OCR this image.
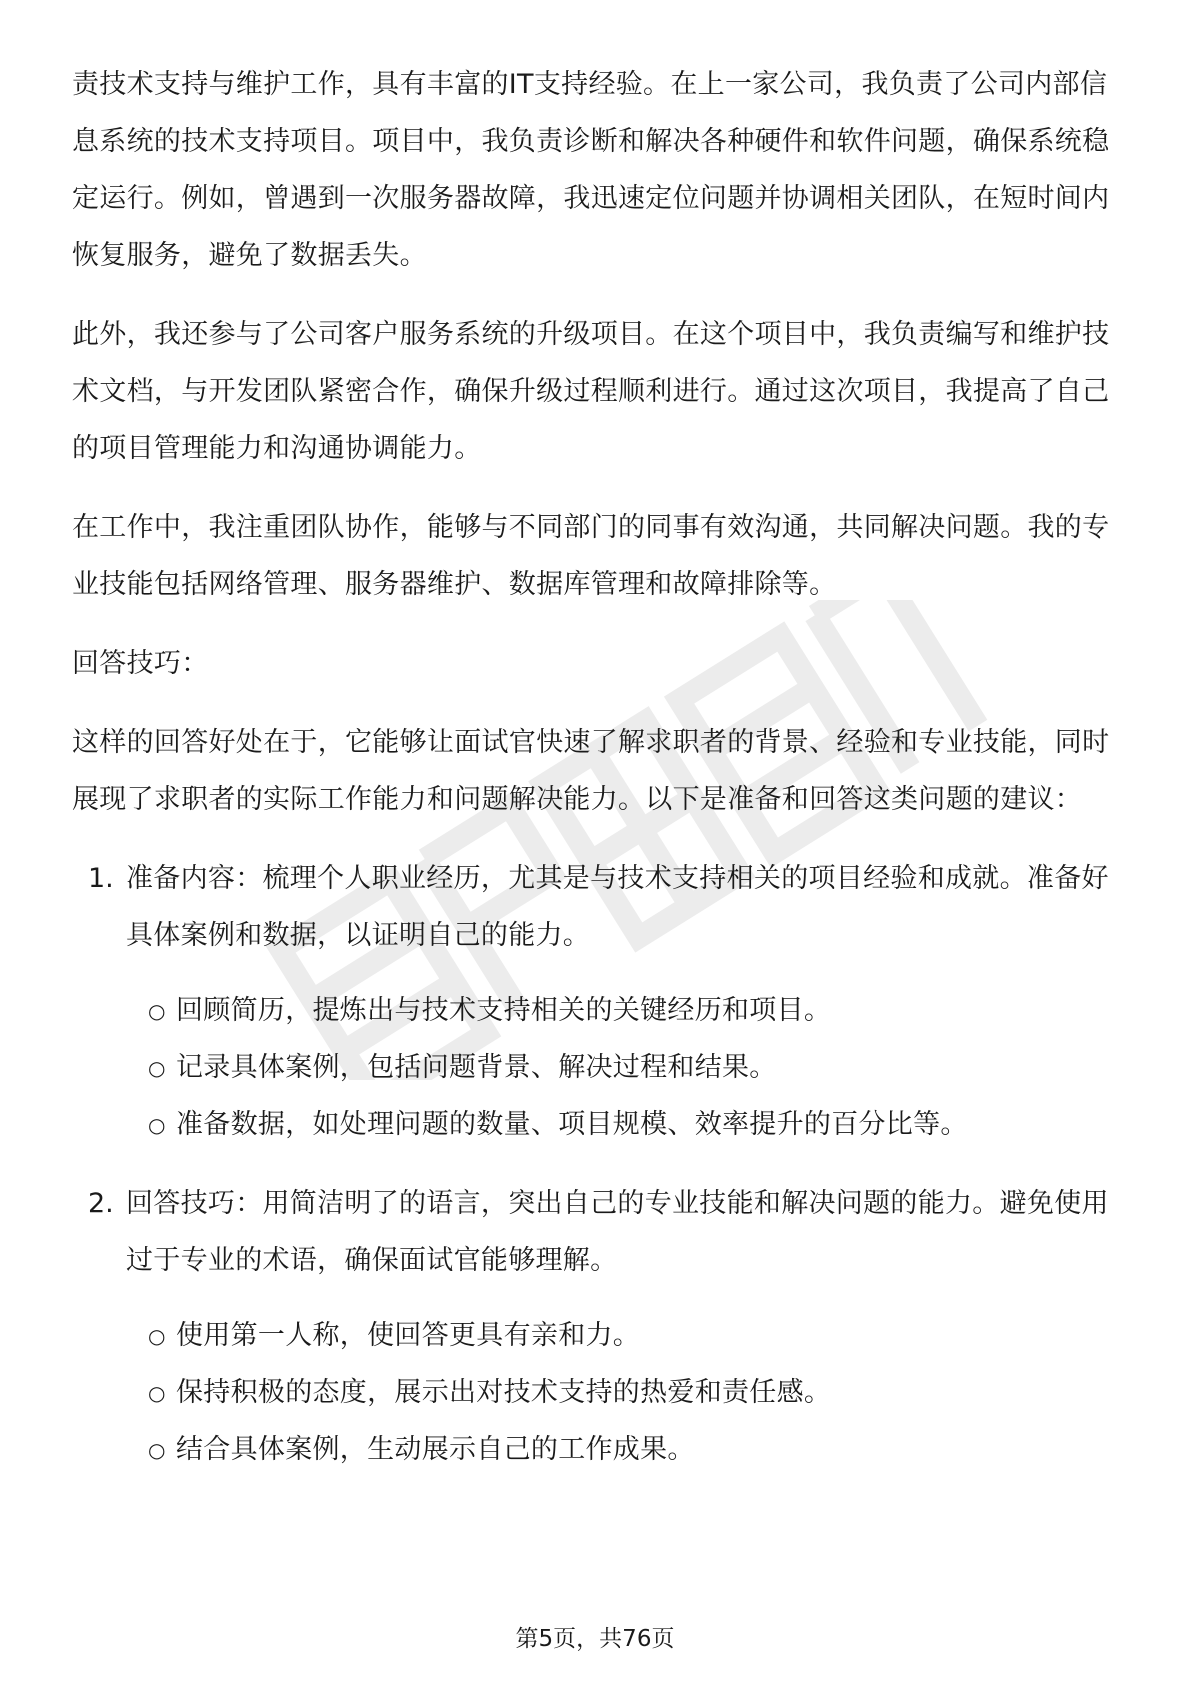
责技术支持与维护工作，具有丰富的IT支持经验。在上一家公司，我负责了公司内部信息系统的技术支持项目。项目中，我负责诊断和解决各种硬件和软件问题，确保系统稳定运行。例如，曾遇到一次服务器故障，我迅速定位问题并协调相关团队，在短时间内恢复服务，避免了数据丢失。

此外，我还参与了公司客户服务系统的升级项目。在这个项目中，我负责编写和维护技术文档，与开发团队紧密合作，确保升级过程顺利进行。通过这次项目，我提高了自己的项目管理能力和沟通协调能力。

在工作中，我注重团队协作，能够与不同部门的同事有效沟通，共同解决问题。我的专业技能包括网络管理、服务器维护、数据库管理和故障排除等。

回答技巧：

这样的回答好处在于，它能够让面试官快速了解求职者的背景、经验和专业技能，同时展现了求职者的实际工作能力和问题解决能力。以下是准备和回答这类问题的建议：

1. 准备内容：梳理个人职业经历，尤其是与技术支持相关的项目经验和成就。准备好具体案例和数据，以证明自己的能力。

○ 回顾简历，提炼出与技术支持相关的关键经历和项目。
○ 记录具体案例，包括问题背景、解决过程和结果。
○ 准备数据，如处理问题的数量、项目规模、效率提升的百分比等。
2. 回答技巧：用简洁明了的语言，突出自己的专业技能和解决问题的能力。避免使用过于专业的术语，确保面试官能够理解。

○ 使用第一人称，使回答更具有亲和力。
○ 保持积极的态度，展示出对技术支持的热爱和责任感。
○ 结合具体案例，生动展示自己的工作成果。
第5页，共76页
